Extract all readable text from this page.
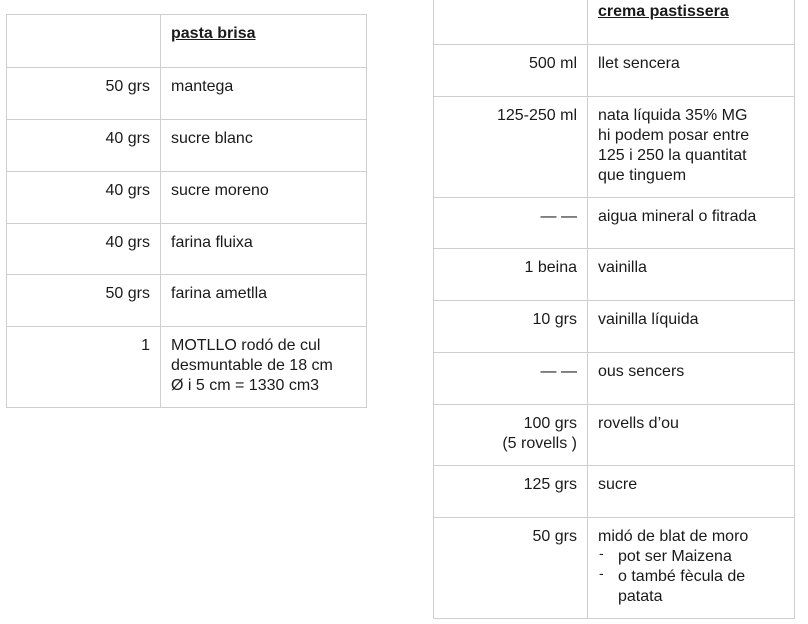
	pasta brisa
50 grs	mantega
40 grs	sucre blanc
40 grs	sucre moreno
40 grs	farina fluixa
50 grs	farina ametlla
1	MOTLLO rodó de cul
desmuntable de 18 cm
Ø i 5 cm = 1330 cm3
	crema pastissera
500 ml	llet sencera
125-250 ml	nata líquida 35% MG
hi podem posar entre
125 i 250 la quantitat
que tinguem

— —	aigua mineral o fitrada
1 beina	vainilla
10 grs	vainilla líquida
— —	ous sencers

100 grs
(5 rovells )	rovells d’ou
125 grs	sucre
50 grs	midó de blat de moro
- pot ser Maizena
- o també fècula de patata
